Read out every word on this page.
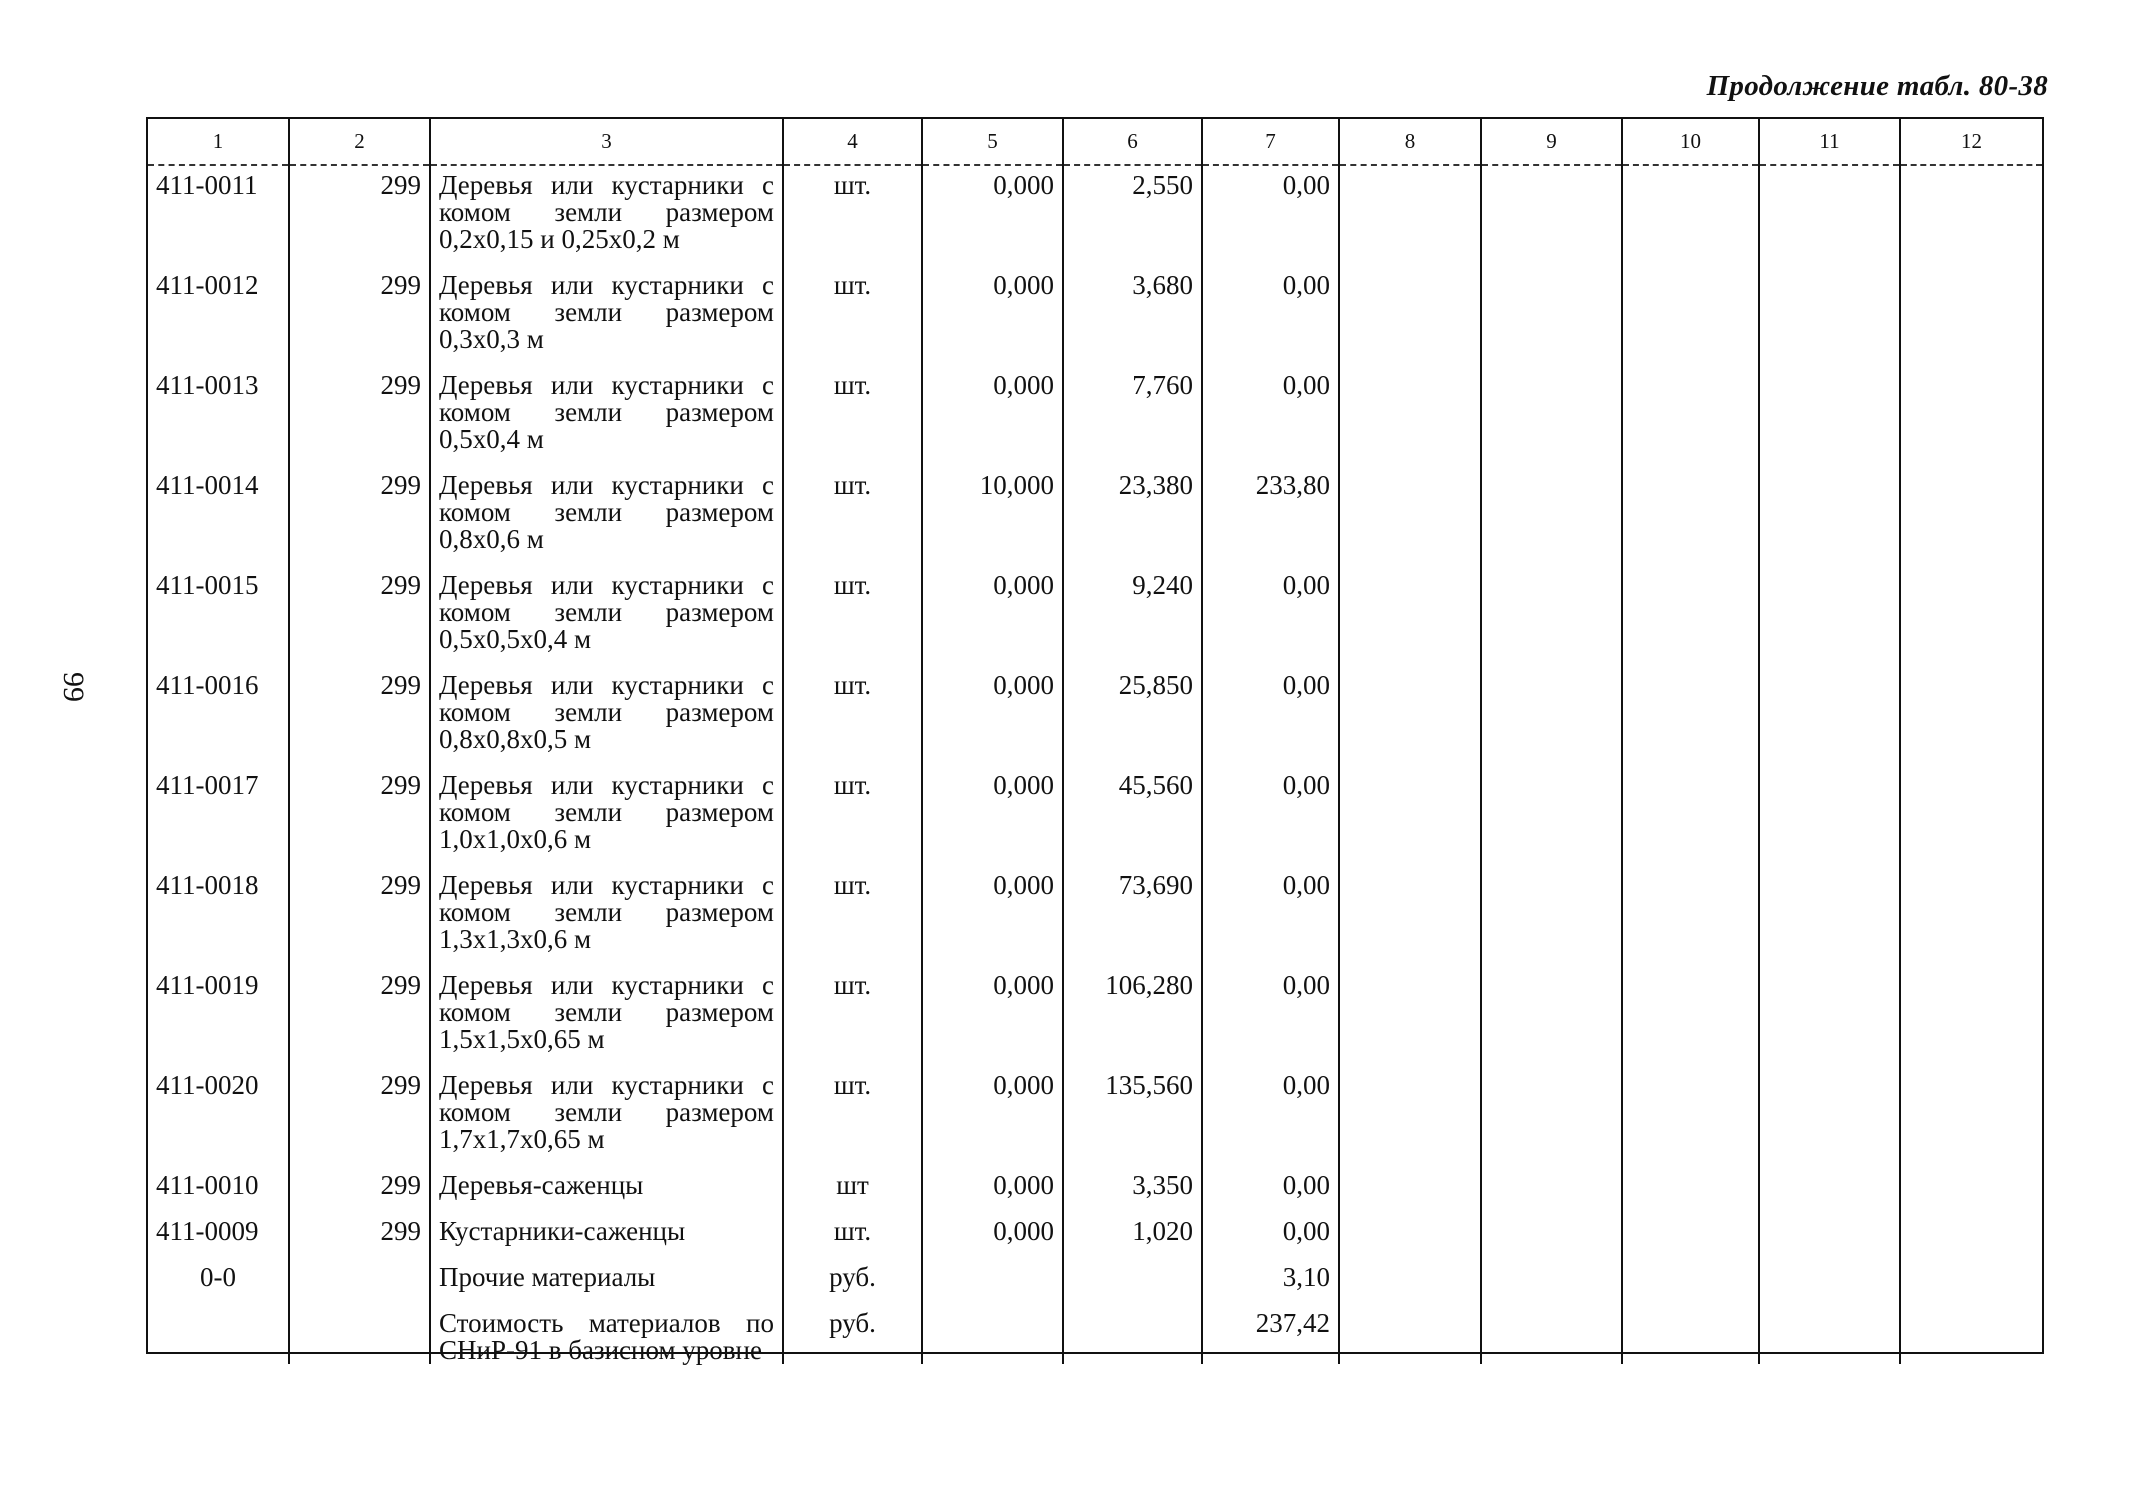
Продолжение табл. 80-38
99
1	2	3	4	5	6	7	8	9	10	11	12
411-0011	299	Деревья или кустарники с комом земли размером 0,2x0,15 и 0,25x0,2 м	шт.	0,000	2,550	0,00					
411-0012	299	Деревья или кустарники с комом земли размером 0,3x0,3 м	шт.	0,000	3,680	0,00					
411-0013	299	Деревья или кустарники с комом земли размером 0,5x0,4 м	шт.	0,000	7,760	0,00					
411-0014	299	Деревья или кустарники с комом земли размером 0,8x0,6 м	шт.	10,000	23,380	233,80					
411-0015	299	Деревья или кустарники с комом земли размером 0,5x0,5x0,4 м	шт.	0,000	9,240	0,00					
411-0016	299	Деревья или кустарники с комом земли размером 0,8x0,8x0,5 м	шт.	0,000	25,850	0,00					
411-0017	299	Деревья или кустарники с комом земли размером 1,0x1,0x0,6 м	шт.	0,000	45,560	0,00					
411-0018	299	Деревья или кустарники с комом земли размером 1,3x1,3x0,6 м	шт.	0,000	73,690	0,00					
411-0019	299	Деревья или кустарники с комом земли размером 1,5x1,5x0,65 м	шт.	0,000	106,280	0,00					
411-0020	299	Деревья или кустарники с комом земли размером 1,7x1,7x0,65 м	шт.	0,000	135,560	0,00					
411-0010	299	Деревья-саженцы	шт	0,000	3,350	0,00					
411-0009	299	Кустарники-саженцы	шт.	0,000	1,020	0,00					
0-0		Прочие материалы	руб.			3,10					
		Стоимость материалов по СНиР-91 в базисном уровне	руб.			237,42					
